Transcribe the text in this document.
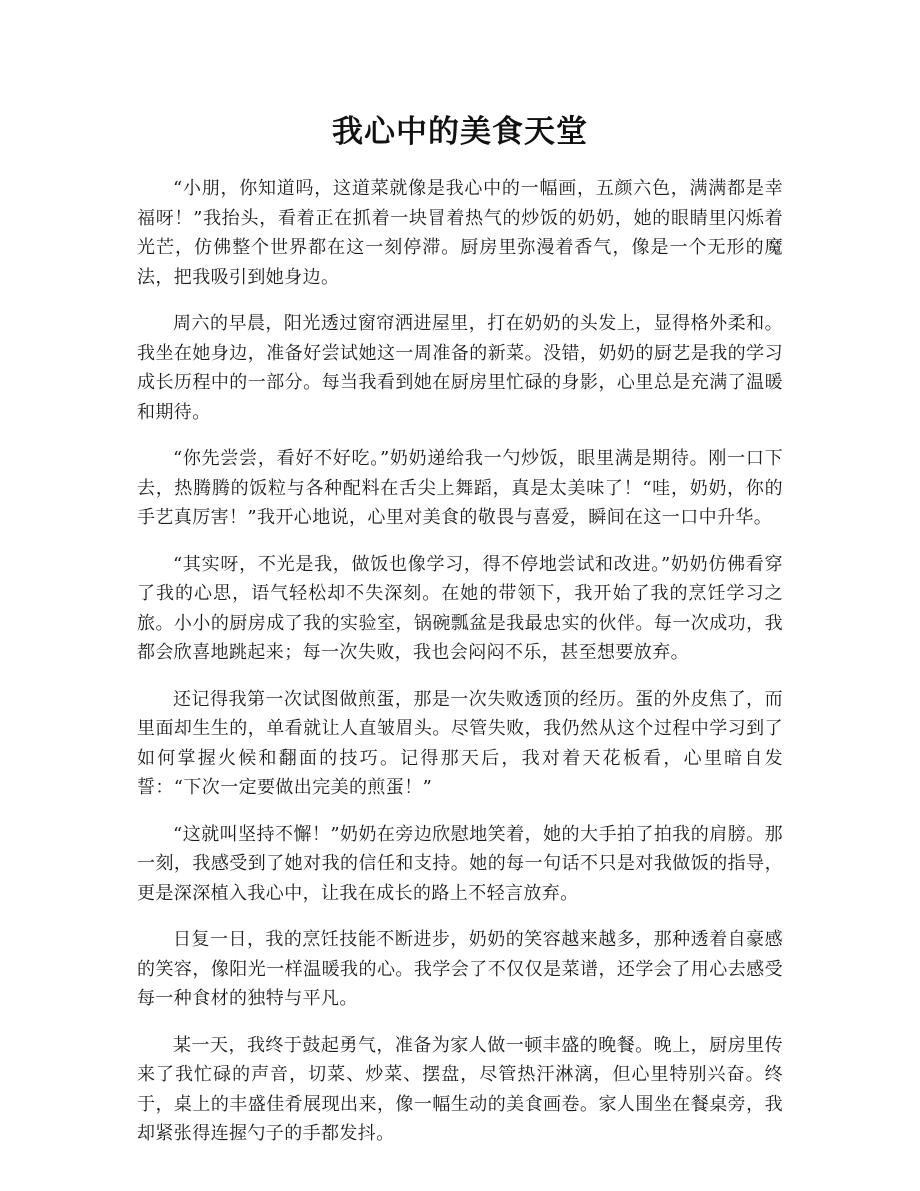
我心中的美食天堂

“小朋，你知道吗，这道菜就像是我心中的一幅画，五颜六色，满满都是幸福呀！”我抬头，看着正在抓着一块冒着热气的炒饭的奶奶，她的眼睛里闪烁着光芒，仿佛整个世界都在这一刻停滞。厨房里弥漫着香气，像是一个无形的魔法，把我吸引到她身边。

周六的早晨，阳光透过窗帘洒进屋里，打在奶奶的头发上，显得格外柔和。我坐在她身边，准备好尝试她这一周准备的新菜。没错，奶奶的厨艺是我的学习成长历程中的一部分。每当我看到她在厨房里忙碌的身影，心里总是充满了温暖和期待。

“你先尝尝，看好不好吃。”奶奶递给我一勺炒饭，眼里满是期待。刚一口下去，热腾腾的饭粒与各种配料在舌尖上舞蹈，真是太美味了！“哇，奶奶，你的手艺真厉害！”我开心地说，心里对美食的敬畏与喜爱，瞬间在这一口中升华。

“其实呀，不光是我，做饭也像学习，得不停地尝试和改进。”奶奶仿佛看穿了我的心思，语气轻松却不失深刻。在她的带领下，我开始了我的烹饪学习之旅。小小的厨房成了我的实验室，锅碗瓢盆是我最忠实的伙伴。每一次成功，我都会欣喜地跳起来；每一次失败，我也会闷闷不乐，甚至想要放弃。

还记得我第一次试图做煎蛋，那是一次失败透顶的经历。蛋的外皮焦了，而里面却生生的，单看就让人直皱眉头。尽管失败，我仍然从这个过程中学习到了如何掌握火候和翻面的技巧。记得那天后，我对着天花板看，心里暗自发誓：“下次一定要做出完美的煎蛋！”

“这就叫坚持不懈！”奶奶在旁边欣慰地笑着，她的大手拍了拍我的肩膀。那一刻，我感受到了她对我的信任和支持。她的每一句话不只是对我做饭的指导，更是深深植入我心中，让我在成长的路上不轻言放弃。

日复一日，我的烹饪技能不断进步，奶奶的笑容越来越多，那种透着自豪感的笑容，像阳光一样温暖我的心。我学会了不仅仅是菜谱，还学会了用心去感受每一种食材的独特与平凡。

某一天，我终于鼓起勇气，准备为家人做一顿丰盛的晚餐。晚上，厨房里传来了我忙碌的声音，切菜、炒菜、摆盘，尽管热汗淋漓，但心里特别兴奋。终于，桌上的丰盛佳肴展现出来，像一幅生动的美食画卷。家人围坐在餐桌旁，我却紧张得连握勺子的手都发抖。
